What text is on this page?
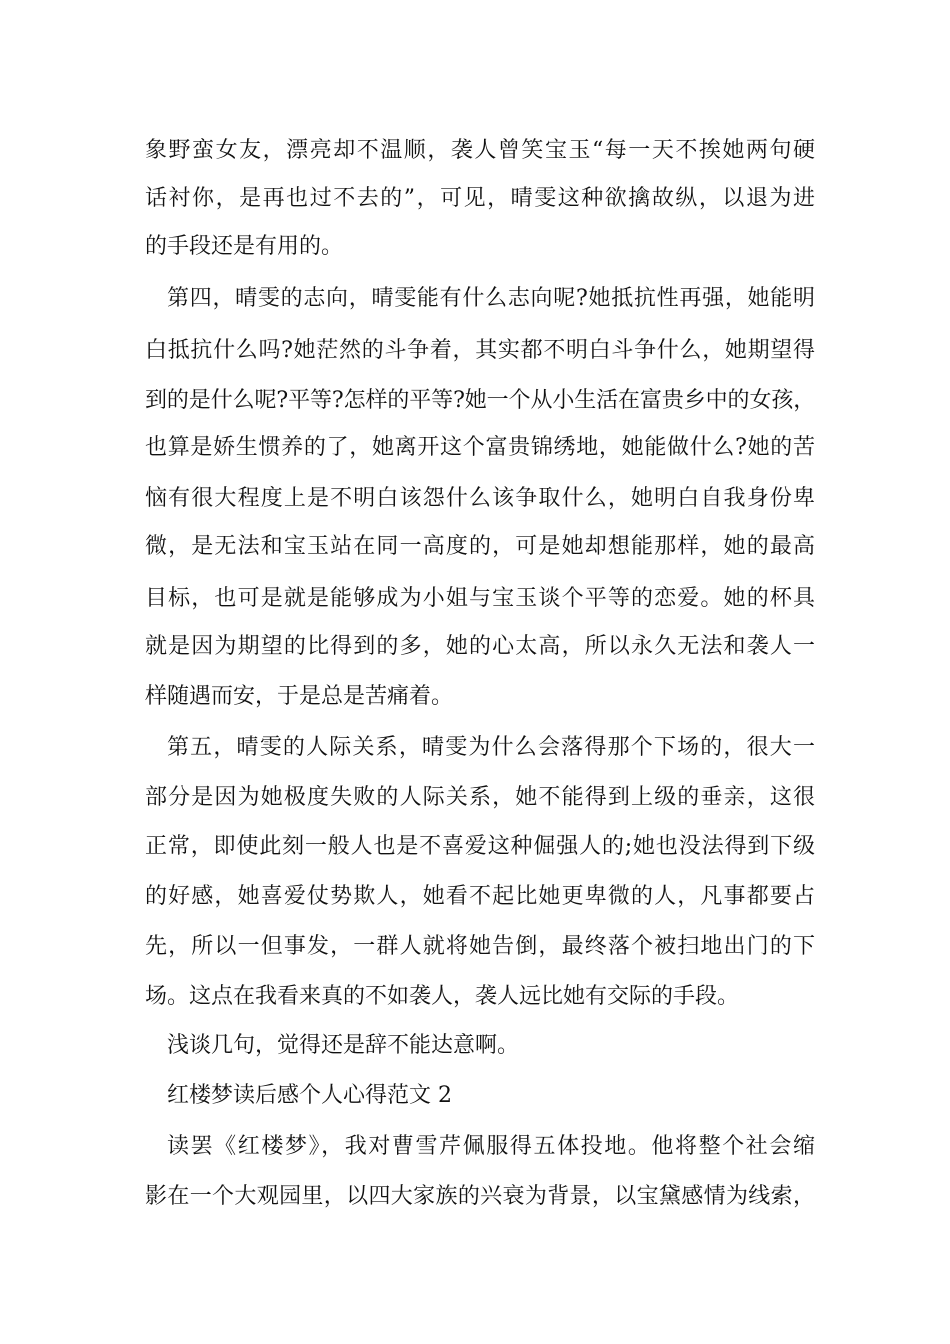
象野蛮女友，漂亮却不温顺，袭人曾笑宝玉“每一天不挨她两句硬
话衬你，是再也过不去的”，可见，晴雯这种欲擒故纵，以退为进
的手段还是有用的。
第四，晴雯的志向，晴雯能有什么志向呢?她抵抗性再强，她能明
白抵抗什么吗?她茫然的斗争着，其实都不明白斗争什么，她期望得
到的是什么呢?平等?怎样的平等?她一个从小生活在富贵乡中的女孩，
也算是娇生惯养的了，她离开这个富贵锦绣地，她能做什么?她的苦
恼有很大程度上是不明白该怨什么该争取什么，她明白自我身份卑
微，是无法和宝玉站在同一高度的，可是她却想能那样，她的最高
目标，也可是就是能够成为小姐与宝玉谈个平等的恋爱。她的杯具
就是因为期望的比得到的多，她的心太高，所以永久无法和袭人一
样随遇而安，于是总是苦痛着。
第五，晴雯的人际关系，晴雯为什么会落得那个下场的，很大一
部分是因为她极度失败的人际关系，她不能得到上级的垂亲，这很
正常，即使此刻一般人也是不喜爱这种倔强人的;她也没法得到下级
的好感，她喜爱仗势欺人，她看不起比她更卑微的人，凡事都要占
先，所以一但事发，一群人就将她告倒，最终落个被扫地出门的下
场。这点在我看来真的不如袭人，袭人远比她有交际的手段。
浅谈几句，觉得还是辞不能达意啊。
红楼梦读后感个人心得范文 2
读罢《红楼梦》，我对曹雪芹佩服得五体投地。他将整个社会缩
影在一个大观园里，以四大家族的兴衰为背景，以宝黛感情为线索，
